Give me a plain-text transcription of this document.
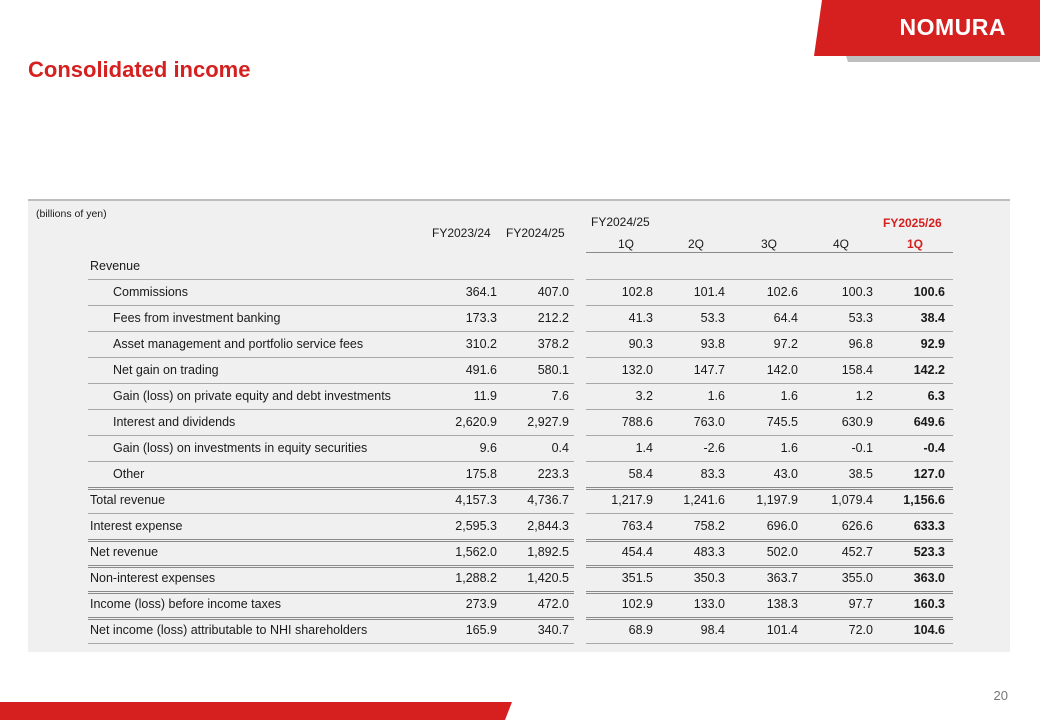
NOMURA
Consolidated income
(billions of yen)
FY2023/24 FY2024/25
FY2024/25
1Q	2Q	3Q	4Q
FY2025/26
1Q
Revenue
Commissions	364.1	407.0	102.8	101.4	102.6	100.3	100.6
Fees from investment banking	173.3	212.2	41.3	53.3	64.4	53.3	38.4
Asset management and portfolio service fees	310.2	378.2	90.3	93.8	97.2	96.8	92.9
Net gain on trading	491.6	580.1	132.0	147.7	142.0	158.4	142.2
Gain (loss) on private equity and debt investments	11.9	7.6	3.2	1.6	1.6	1.2	6.3
Interest and dividends	2,620.9	2,927.9	788.6	763.0	745.5	630.9	649.6
Gain (loss) on investments in equity securities	9.6	0.4	1.4	-2.6	1.6	-0.1	-0.4
Other	175.8	223.3	58.4	83.3	43.0	38.5	127.0
Total revenue	4,157.3	4,736.7	1,217.9	1,241.6	1,197.9	1,079.4	1,156.6
Interest expense	2,595.3	2,844.3	763.4	758.2	696.0	626.6	633.3
Net revenue	1,562.0	1,892.5	454.4	483.3	502.0	452.7	523.3
Non-interest expenses	1,288.2	1,420.5	351.5	350.3	363.7	355.0	363.0
Income (loss) before income taxes	273.9	472.0	102.9	133.0	138.3	97.7	160.3
Net income (loss) attributable to NHI shareholders	165.9	340.7	68.9	98.4	101.4	72.0	104.6
20
